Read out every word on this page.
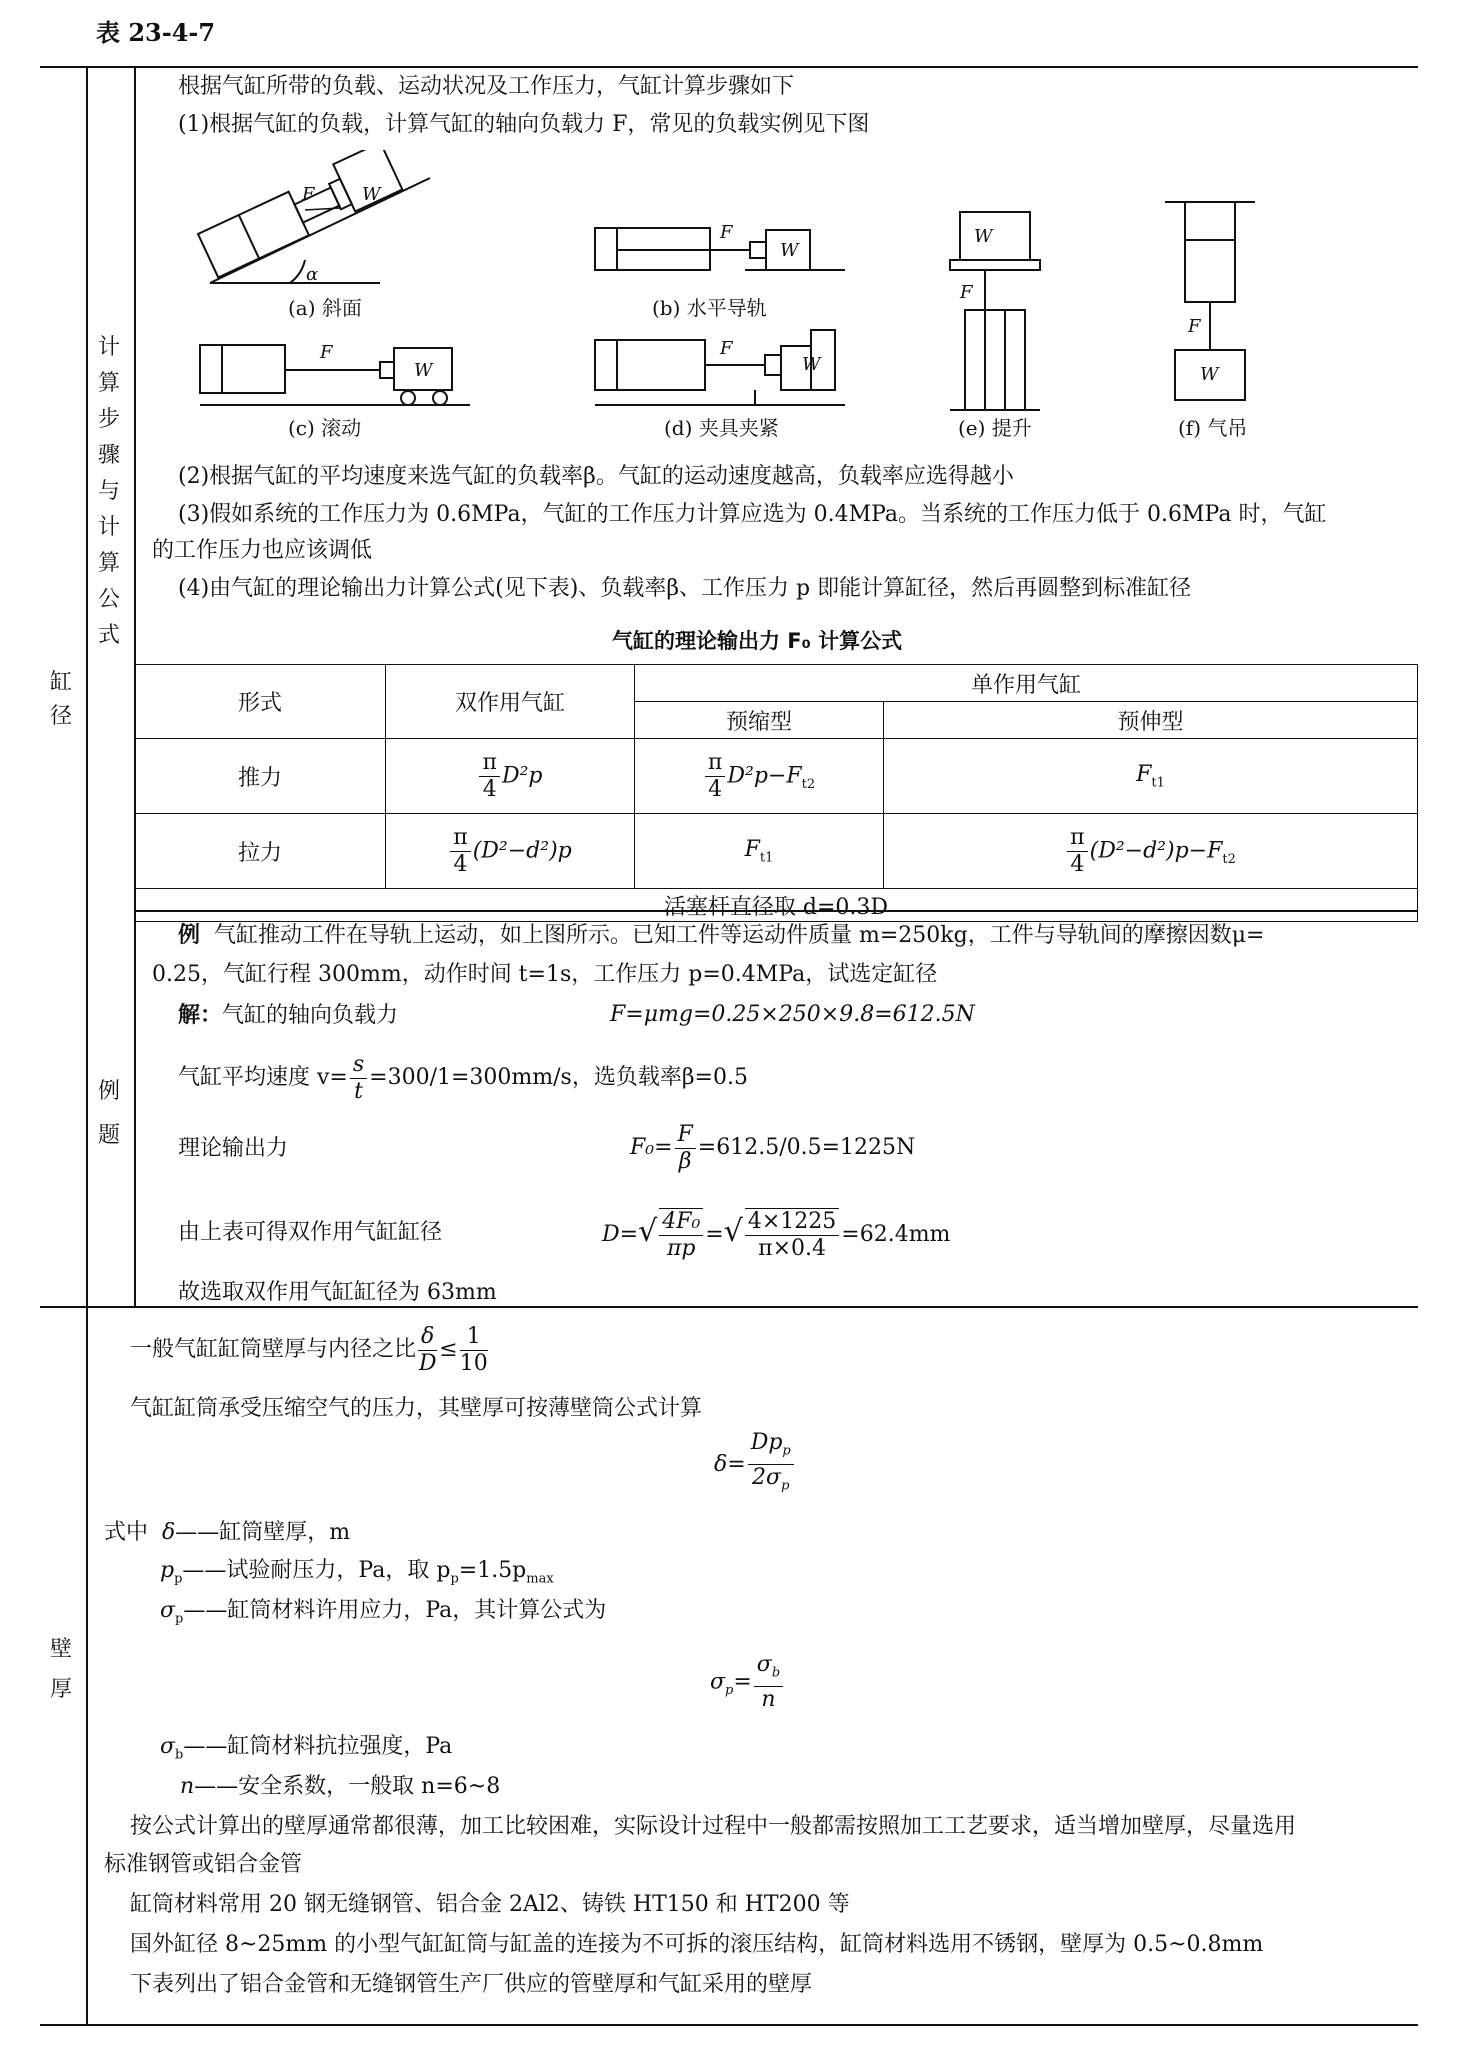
表 23-4-7
缸
径
计
算
步
骤
与
计
算
公
式
例
题
壁
厚
根据气缸所带的负载、运动状况及工作压力，气缸计算步骤如下
(1)根据气缸的负载，计算气缸的轴向负载力 F，常见的负载实例见下图
W
F
α
W
F	W
F
W
F
W
F
W
F
(a) 斜面	(b) 水平导轨
(c) 滚动	(d) 夹具夹紧	(e) 提升	(f) 气吊
(2)根据气缸的平均速度来选气缸的负载率β。气缸的运动速度越高，负载率应选得越小
(3)假如系统的工作压力为 0.6MPa，气缸的工作压力计算应选为 0.4MPa。当系统的工作压力低于 0.6MPa 时，气缸
的工作压力也应该调低
(4)由气缸的理论输出力计算公式(见下表)、负载率β、工作压力 p 即能计算缸径，然后再圆整到标准缸径
气缸的理论输出力 F₀ 计算公式
形式	双作用气缸	单作用气缸	
		预缩型	预伸型
推力	$\frac{\pi}{4} D^2p$	$\frac{\pi}{4} D^2p-F_{t2}$	$F_{t1}$
拉力	$\frac{\pi}{4} (D^2-d^2)p$	$F_{t1}$	$\frac{\pi}{4} (D^2-d^2)p-F_{t2}$
活塞杆直径取 d=0.3D			
例 气缸推动工件在导轨上运动，如上图所示。已知工件等运动件质量 m=250kg，工件与导轨间的摩擦因数μ=
0.25，气缸行程 300mm，动作时间 t=1s，工作压力 p=0.4MPa，试选定缸径
解：气缸的轴向负载力	F=μmg=0.25×250×9.8=612.5N
气缸平均速度 $v= \frac{s}{t} =300/1=300mm/s$，选负载率β=0.5
理论输出力	$F_0= \frac{F}{\beta} =612.5/0.5=1225N$
由上表可得双作用气缸缸径	$D=√ \frac{\text{4F₀}}{\pi p}$ =√ $\frac{4\times 1225}{\pi\times 0.4} =62.4mm$
故选取双作用气缸缸径为 63mm
一般气缸缸筒壁厚与内径之比 $\frac{\delta}{D} \le \frac{1}{10}$
气缸缸筒承受压缩空气的压力，其壁厚可按薄壁筒公式计算
$\delta= \frac{Dp_p}{2\sigma_p}$
式中 δ——缸筒壁厚，m
$p_p——$试验耐压力，Pa，取 $p_p=1.5p_{max}$
$\sigma_p——$缸筒材料许用应力，Pa，其计算公式为
$\sigma_p= \frac{\sigma_b}{n}$
$\sigma_b——$缸筒材料抗拉强度，Pa
n——安全系数，一般取 n=6~8
按公式计算出的壁厚通常都很薄，加工比较困难，实际设计过程中一般都需按照加工工艺要求，适当增加壁厚，尽量选用
标准钢管或铝合金管
缸筒材料常用 20 钢无缝钢管、铝合金 2Al2、铸铁 HT150 和 HT200 等
国外缸径 8~25mm 的小型气缸缸筒与缸盖的连接为不可拆的滚压结构，缸筒材料选用不锈钢，壁厚为 0.5~0.8mm
下表列出了铝合金管和无缝钢管生产厂供应的管壁厚和气缸采用的壁厚
